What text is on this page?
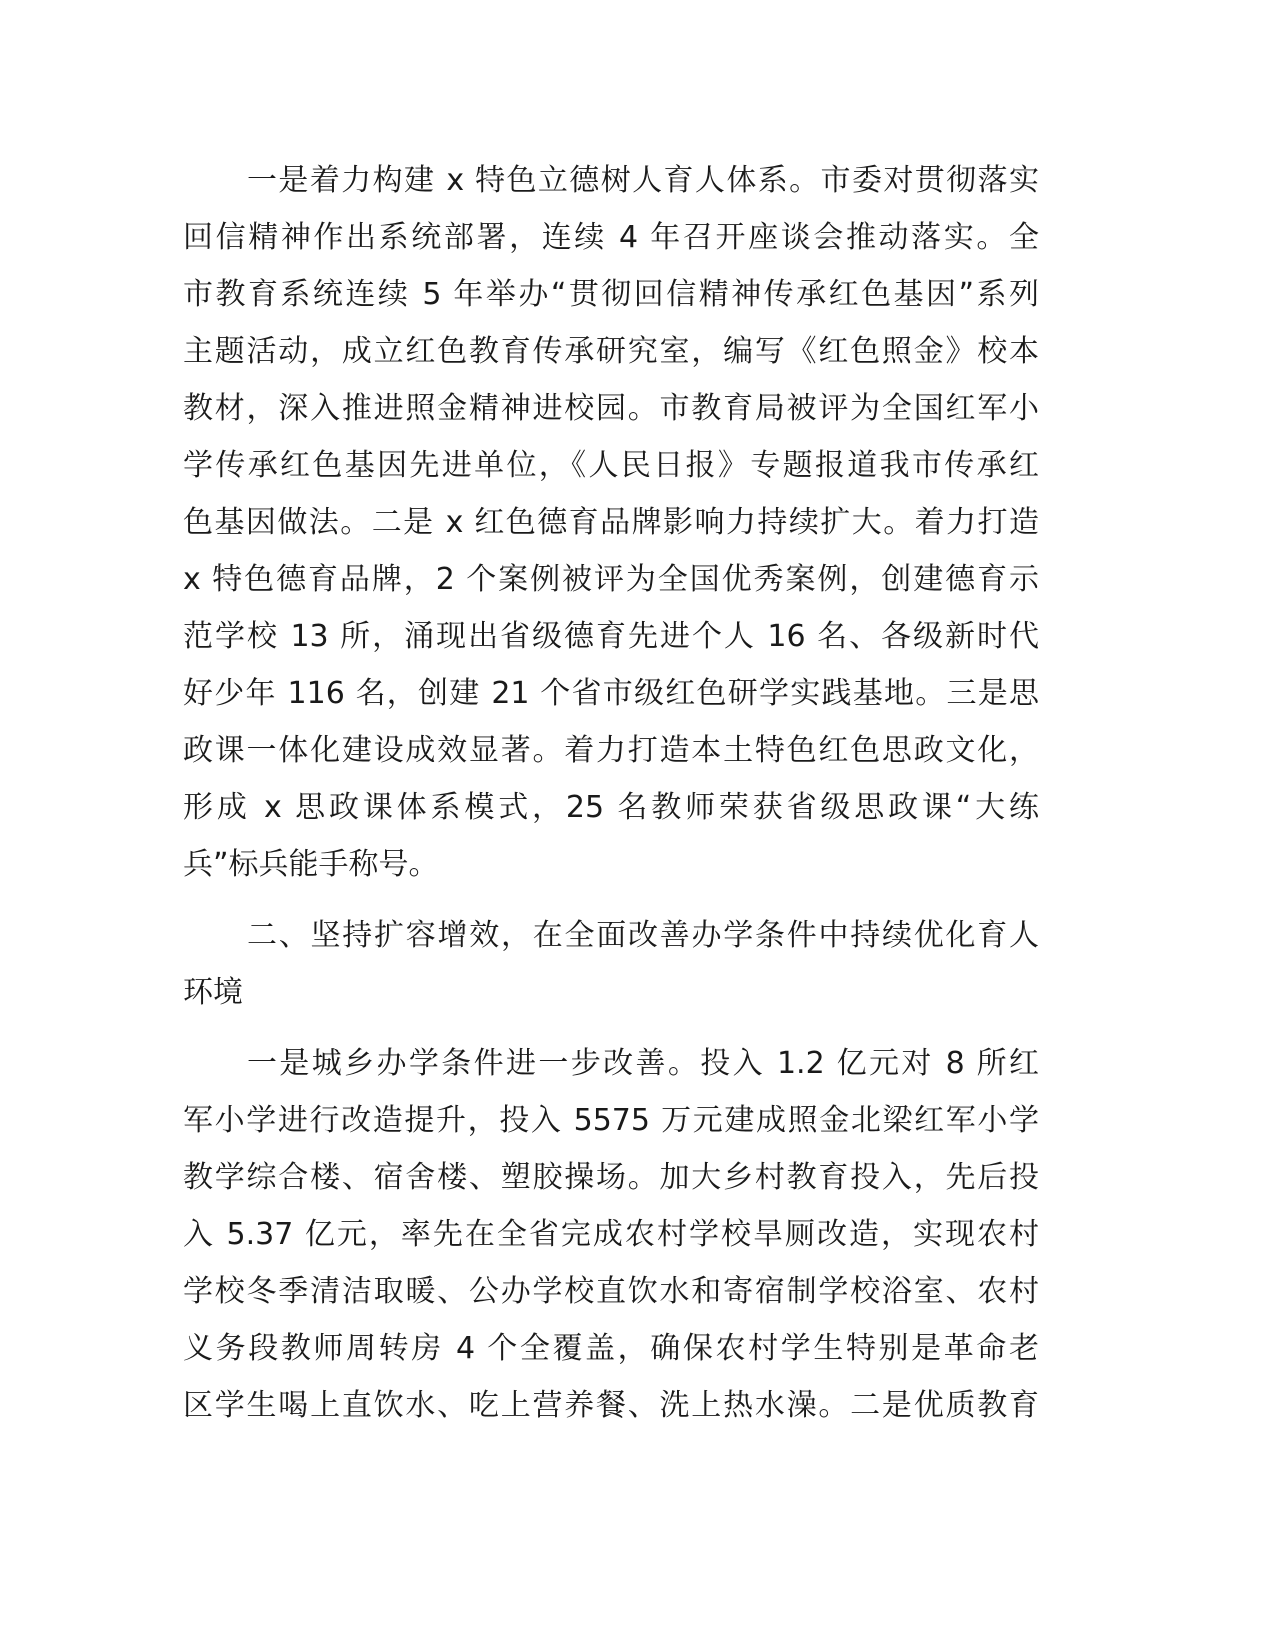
一是着力构建 x 特色立德树人育人体系。市委对贯彻落实
回信精神作出系统部署，连续 4 年召开座谈会推动落实。全
市教育系统连续 5 年举办“贯彻回信精神传承红色基因”系列
主题活动，成立红色教育传承研究室，编写《红色照金》校本
教材，深入推进照金精神进校园。市教育局被评为全国红军小
学传承红色基因先进单位，《人民日报》专题报道我市传承红
色基因做法。二是 x 红色德育品牌影响力持续扩大。着力打造
x 特色德育品牌，2 个案例被评为全国优秀案例，创建德育示
范学校 13 所，涌现出省级德育先进个人 16 名、各级新时代
好少年 116 名，创建 21 个省市级红色研学实践基地。三是思
政课一体化建设成效显著。着力打造本土特色红色思政文化，
形成 x 思政课体系模式，25 名教师荣获省级思政课“大练
兵”标兵能手称号。
二、坚持扩容增效，在全面改善办学条件中持续优化育人
环境
一是城乡办学条件进一步改善。投入 1.2 亿元对 8 所红
军小学进行改造提升，投入 5575 万元建成照金北梁红军小学
教学综合楼、宿舍楼、塑胶操场。加大乡村教育投入，先后投
入 5.37 亿元，率先在全省完成农村学校旱厕改造，实现农村
学校冬季清洁取暖、公办学校直饮水和寄宿制学校浴室、农村
义务段教师周转房 4 个全覆盖，确保农村学生特别是革命老
区学生喝上直饮水、吃上营养餐、洗上热水澡。二是优质教育
